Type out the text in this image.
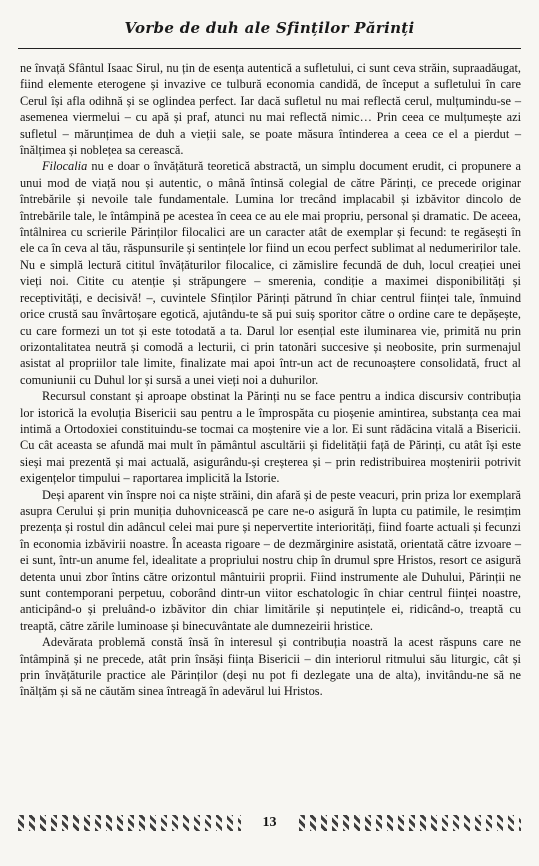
Vorbe de duh ale Sfinților Părinți

ne învață Sfântul Isaac Sirul, nu țin de esența autentică a sufletului, ci sunt ceva străin, supraadăugat, fiind elemente eterogene și invazive ce tulbură economia candidă, de început a sufletului în care Cerul își afla odihnă și se oglindea perfect. Iar dacă sufletul nu mai reflectă cerul, mulțumindu-se – asemenea viermelui – cu apă și praf, atunci nu mai reflectă nimic… Prin ceea ce mulțumește azi sufletul – mărunțimea de duh a vieții sale, se poate măsura întinderea a ceea ce el a pierdut – înălțimea și noblețea sa cerească.

Filocalia nu e doar o învățătură teoretică abstractă, un simplu document erudit, ci propunere a unui mod de viață nou și autentic, o mână întinsă colegial de către Părinți, ce precede originar întrebările și nevoile tale fundamentale. Lumina lor trecând implacabil și izbăvitor dincolo de întrebările tale, le întâmpină pe acestea în ceea ce au ele mai propriu, personal și dramatic. De aceea, întâlnirea cu scrierile Părinților filocalici are un caracter atât de exemplar și fecund: te regăsești în ele ca în ceva al tău, răspunsurile și sentințele lor fiind un ecou perfect sublimat al nedumeririlor tale. Nu e simplă lectură cititul învățăturilor filocalice, ci zămislire fecundă de duh, locul creației unei vieți noi. Citite cu atenție și străpungere – smerenia, condiție a maximei disponibilități și receptivități, e decisivă! –, cuvintele Sfinților Părinți pătrund în chiar centrul ființei tale, înmuind orice crustă sau învârtoșare egotică, ajutându-te să pui suiș sporitor către o ordine care te depășește, cu care formezi un tot și este totodată a ta. Darul lor esențial este iluminarea vie, primită nu prin orizontalitatea neutră și comodă a lecturii, ci prin tatonări succesive și neobosite, prin surmenajul asistat al propriilor tale limite, finalizate mai apoi într-un act de recunoaștere consolidată, fruct al comuniunii cu Duhul lor și sursă a unei vieți noi a duhurilor.

Recursul constant și aproape obstinat la Părinți nu se face pentru a indica discursiv contribuția lor istorică la evoluția Bisericii sau pentru a le împrospăta cu pioșenie amintirea, substanța cea mai intimă a Ortodoxiei constituindu-se tocmai ca moștenire vie a lor. Ei sunt rădăcina vitală a Bisericii. Cu cât aceasta se afundă mai mult în pământul ascultării și fidelității față de Părinți, cu atât își este sieși mai prezentă și mai actuală, asigurându-și creșterea și – prin redistribuirea moștenirii potrivit exigențelor timpului – raportarea implicită la Istorie.

Deși aparent vin înspre noi ca niște străini, din afară și de peste veacuri, prin priza lor exemplară asupra Cerului și prin muniția duhovnicească pe care ne-o asigură în lupta cu patimile, le resimțim prezența și rostul din adâncul celei mai pure și nepervertite interiorități, fiind foarte actuali și fecunzi în economia izbăvirii noastre. În aceasta rigoare – de dezmărginire asistată, orientată către izvoare – ei sunt, într-un anume fel, idealitate a propriului nostru chip în drumul spre Hristos, resort ce asigură detenta unui zbor întins către orizontul mântuirii proprii. Fiind instrumente ale Duhului, Părinții ne sunt contemporani perpetuu, coborând dintr-un viitor eschatologic în chiar centrul ființei noastre, anticipând-o și preluând-o izbăvitor din chiar limitările și neputințele ei, ridicând-o, treaptă cu treaptă, către zările luminoase și binecuvântate ale dumnezeirii hristice.

Adevărata problemă constă însă în interesul și contribuția noastră la acest răspuns care ne întâmpină și ne precede, atât prin însăși ființa Bisericii – din interiorul ritmului său liturgic, cât și prin învățăturile practice ale Părinților (deși nu pot fi dezlegate una de alta), invitându-ne să ne înălțăm și să ne căutăm sinea întreagă în adevărul lui Hristos.

13
